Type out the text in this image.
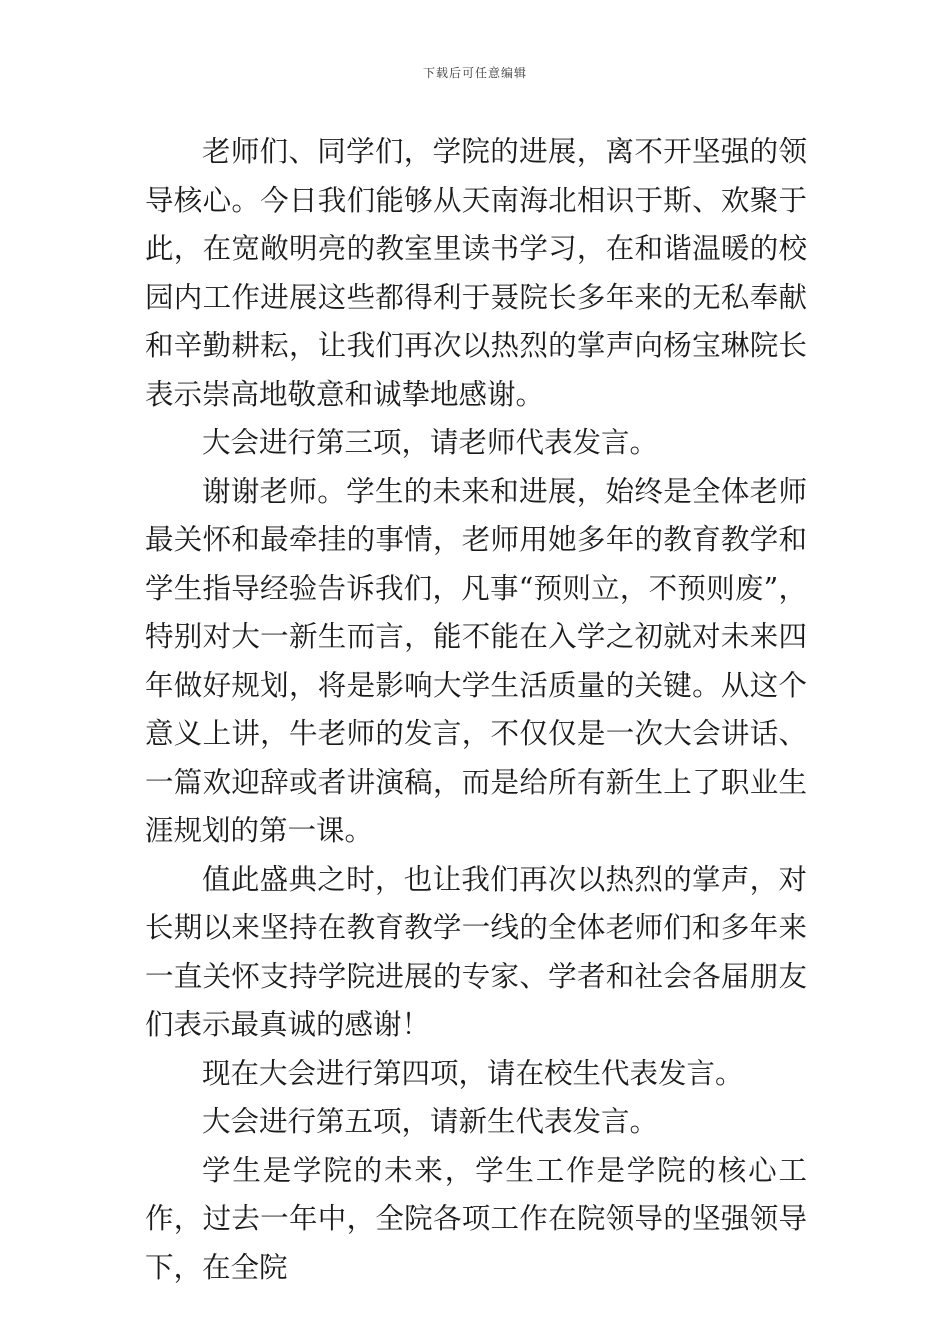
下载后可任意编辑

老师们、同学们，学院的进展，离不开坚强的领导核心。今日我们能够从天南海北相识于斯、欢聚于此，在宽敞明亮的教室里读书学习，在和谐温暖的校园内工作进展这些都得利于聂院长多年来的无私奉献和辛勤耕耘，让我们再次以热烈的掌声向杨宝琳院长表示崇高地敬意和诚挚地感谢。

大会进行第三项，请老师代表发言。

谢谢老师。学生的未来和进展，始终是全体老师最关怀和最牵挂的事情，老师用她多年的教育教学和学生指导经验告诉我们，凡事“预则立，不预则废”，特别对大一新生而言，能不能在入学之初就对未来四年做好规划，将是影响大学生活质量的关键。从这个意义上讲，牛老师的发言，不仅仅是一次大会讲话、一篇欢迎辞或者讲演稿，而是给所有新生上了职业生涯规划的第一课。

值此盛典之时，也让我们再次以热烈的掌声，对长期以来坚持在教育教学一线的全体老师们和多年来一直关怀支持学院进展的专家、学者和社会各届朋友们表示最真诚的感谢！

现在大会进行第四项，请在校生代表发言。

大会进行第五项，请新生代表发言。

学生是学院的未来，学生工作是学院的核心工作，过去一年中，全院各项工作在院领导的坚强领导下，在全院
